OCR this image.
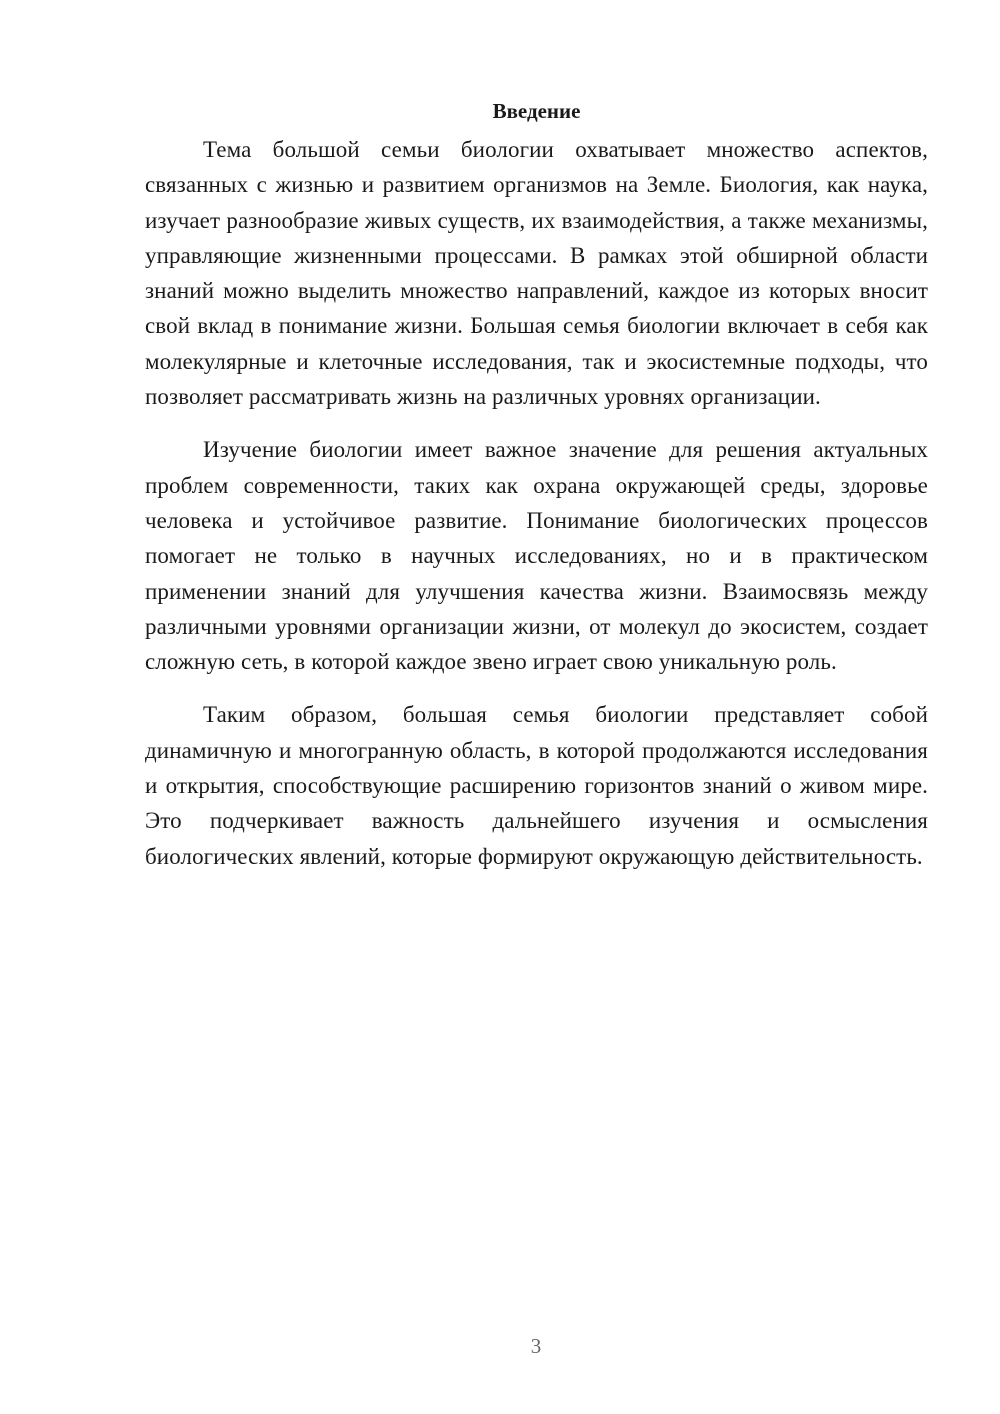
Введение

Тема большой семьи биологии охватывает множество аспектов, связанных с жизнью и развитием организмов на Земле. Биология, как наука, изучает разнообразие живых существ, их взаимодействия, а также механизмы, управляющие жизненными процессами. В рамках этой обширной области знаний можно выделить множество направлений, каждое из которых вносит свой вклад в понимание жизни. Большая семья биологии включает в себя как молекулярные и клеточные исследования, так и экосистемные подходы, что позволяет рассматривать жизнь на различных уровнях организации.

Изучение биологии имеет важное значение для решения актуальных проблем современности, таких как охрана окружающей среды, здоровье человека и устойчивое развитие. Понимание биологических процессов помогает не только в научных исследованиях, но и в практическом применении знаний для улучшения качества жизни. Взаимосвязь между различными уровнями организации жизни, от молекул до экосистем, создает сложную сеть, в которой каждое звено играет свою уникальную роль.

Таким образом, большая семья биологии представляет собой динамичную и многогранную область, в которой продолжаются исследования и открытия, способствующие расширению горизонтов знаний о живом мире. Это подчеркивает важность дальнейшего изучения и осмысления биологических явлений, которые формируют окружающую действительность.

3
